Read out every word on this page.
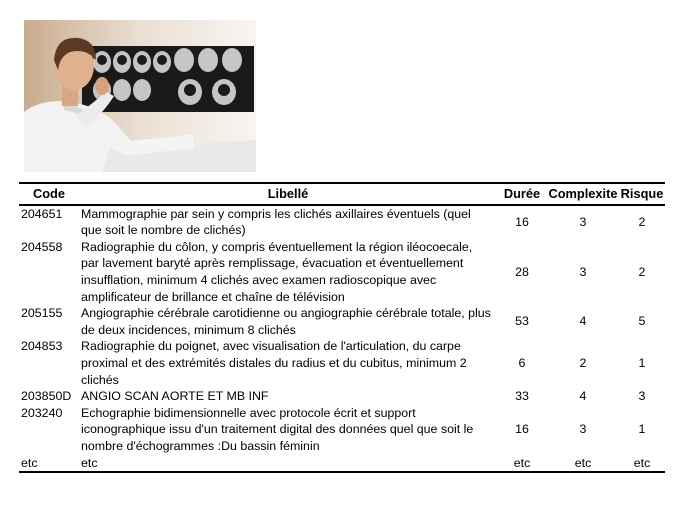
Code	Libellé	Durée	Complexite	Risque
204651	Mammographie par sein y compris les clichés axillaires éventuels (quel que soit le nombre de clichés)	16	3	2
204558	Radiographie du côlon, y compris éventuellement la région iléocoecale, par lavement baryté après remplissage, évacuation et éventuellement insufflation, minimum 4 clichés avec examen radioscopique avec amplificateur de brillance et chaîne de télévision	28	3	2
205155	Angiographie cérébrale carotidienne ou angiographie cérébrale totale, plus de deux incidences, minimum 8 clichés	53	4	5
204853	Radiographie du poignet, avec visualisation de l'articulation, du carpe proximal et des extrémités distales du radius et du cubitus, minimum 2 clichés	6	2	1
203850D	ANGIO SCAN AORTE ET MB INF	33	4	3
203240	Echographie bidimensionnelle avec protocole écrit et support iconographique issu d'un traitement digital des données quel que soit le nombre d'échogrammes :Du bassin féminin	16	3	1
etc	etc	etc	etc	etc
